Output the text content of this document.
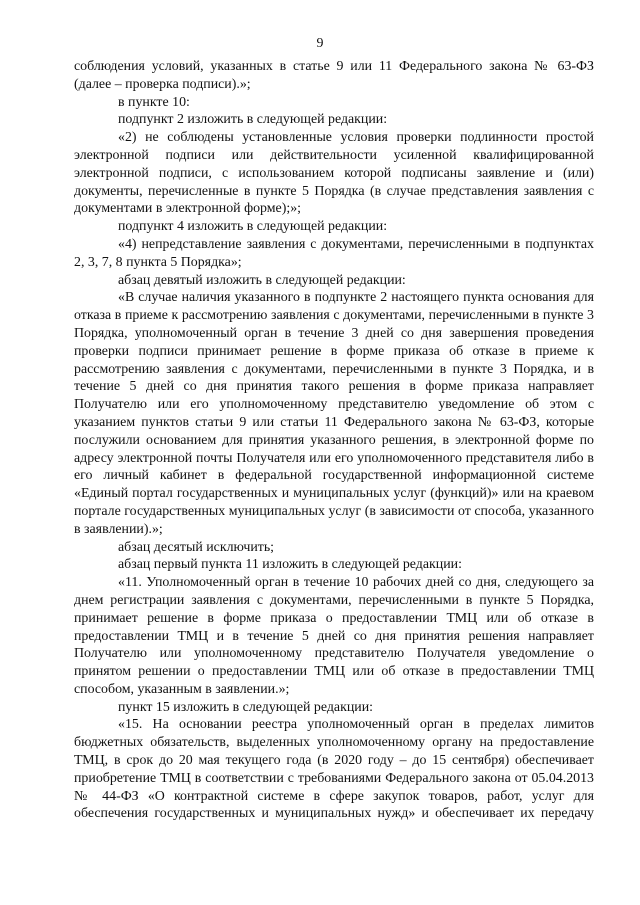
9

соблюдения условий, указанных в статье 9 или 11 Федерального закона № 63-ФЗ (далее – проверка подписи).»;

в пункте 10:

подпункт 2 изложить в следующей редакции:

«2) не соблюдены установленные условия проверки подлинности простой электронной подписи или действительности усиленной квалифицированной электронной подписи, с использованием которой подписаны заявление и (или) документы, перечисленные в пункте 5 Порядка (в случае представления заявления с документами в электронной форме);»;

подпункт 4 изложить в следующей редакции:

«4) непредставление заявления с документами, перечисленными в подпунктах 2, 3, 7, 8 пункта 5 Порядка»;

абзац девятый изложить в следующей редакции:

«В случае наличия указанного в подпункте 2 настоящего пункта основания для отказа в приеме к рассмотрению заявления с документами, перечисленными в пункте 3 Порядка, уполномоченный орган в течение 3 дней со дня завершения проведения проверки подписи принимает решение в форме приказа об отказе в приеме к рассмотрению заявления с документами, перечисленными в пункте 3 Порядка, и в течение 5 дней со дня принятия такого решения в форме приказа направляет Получателю или его уполномоченному представителю уведомление об этом с указанием пунктов статьи 9 или статьи 11 Федерального закона № 63-ФЗ, которые послужили основанием для принятия указанного решения, в электронной форме по адресу электронной почты Получателя или его уполномоченного представителя либо в его личный кабинет в федеральной государственной информационной системе «Единый портал государственных и муниципальных услуг (функций)» или на краевом портале государственных муниципальных услуг (в зависимости от способа, указанного в заявлении).»;

абзац десятый исключить;

абзац первый пункта 11 изложить в следующей редакции:

«11. Уполномоченный орган в течение 10 рабочих дней со дня, следующего за днем регистрации заявления с документами, перечисленными в пункте 5 Порядка, принимает решение в форме приказа о предоставлении ТМЦ или об отказе в предоставлении ТМЦ и в течение 5 дней со дня принятия решения направляет Получателю или уполномоченному представителю Получателя уведомление о принятом решении о предоставлении ТМЦ или об отказе в предоставлении ТМЦ способом, указанным в заявлении.»;

пункт 15 изложить в следующей редакции:

«15. На основании реестра уполномоченный орган в пределах лимитов бюджетных обязательств, выделенных уполномоченному органу на предоставление ТМЦ, в срок до 20 мая текущего года (в 2020 году – до 15 сентября) обеспечивает приобретение ТМЦ в соответствии с требованиями Федерального закона от 05.04.2013 № 44-ФЗ «О контрактной системе в сфере закупок товаров, работ, услуг для обеспечения государственных и муниципальных нужд» и обеспечивает их передачу
